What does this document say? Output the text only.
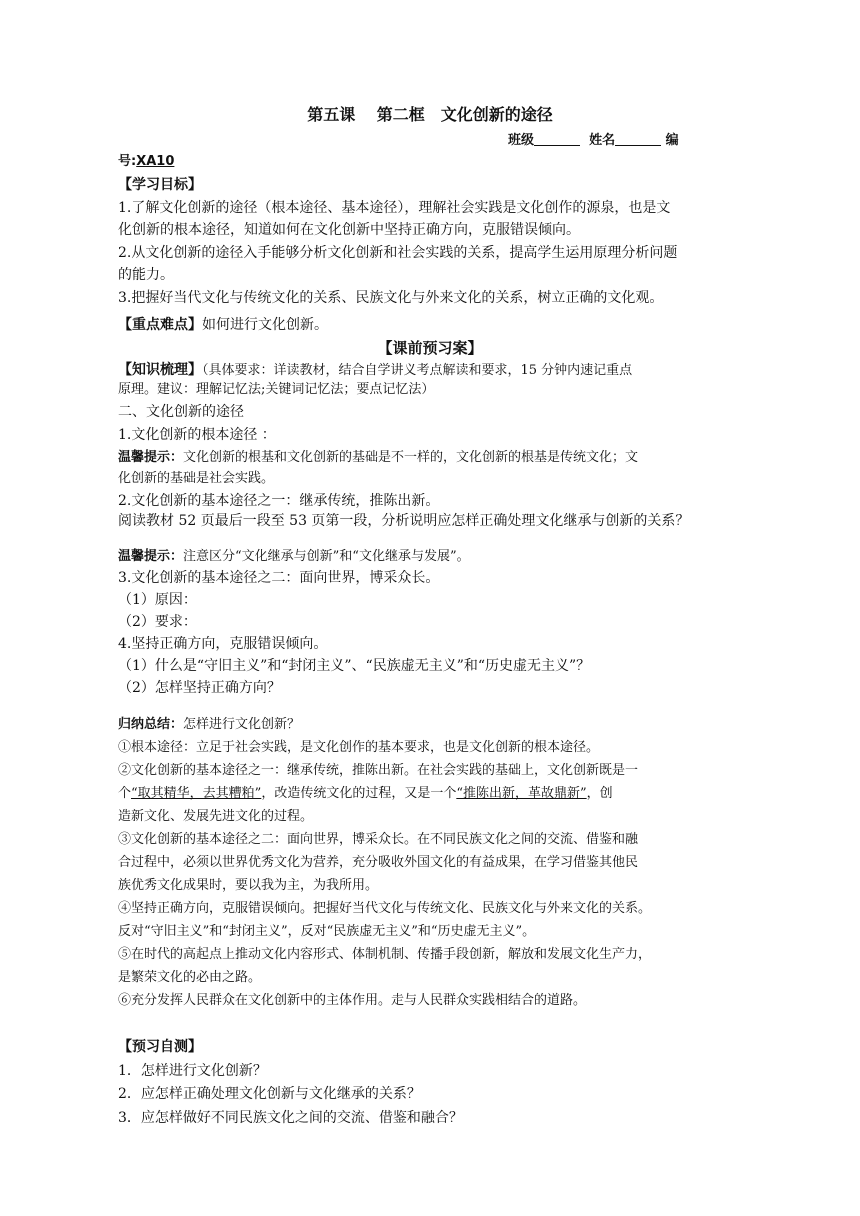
第五课　 第二框　文化创新的途径
班级	姓名	编
号:XA10
【学习目标】
1.了解文化创新的途径（根本途径、基本途径），理解社会实践是文化创作的源泉，也是文
化创新的根本途径，知道如何在文化创新中坚持正确方向，克服错误倾向。
2.从文化创新的途径入手能够分析文化创新和社会实践的关系，提高学生运用原理分析问题
的能力。
3.把握好当代文化与传统文化的关系、民族文化与外来文化的关系，树立正确的文化观。
【重点难点】如何进行文化创新。
【课前预习案】
【知识梳理】（具体要求：详读教材，结合自学讲义考点解读和要求，15 分钟内速记重点
原理。建议：理解记忆法;关键词记忆法；要点记忆法）
二、文化创新的途径
1.文化创新的根本途径 ：
温馨提示：文化创新的根基和文化创新的基础是不一样的，文化创新的根基是传统文化；文
化创新的基础是社会实践。
2.文化创新的基本途径之一：继承传统，推陈出新。
阅读教材 52 页最后一段至 53 页第一段，分析说明应怎样正确处理文化继承与创新的关系？
温馨提示：注意区分“文化继承与创新”和“文化继承与发展”。
3.文化创新的基本途径之二：面向世界，博采众长。
（1）原因：
（2）要求：
4.坚持正确方向，克服错误倾向。
（1）什么是“守旧主义”和“封闭主义”、“民族虚无主义”和“历史虚无主义”？
（2）怎样坚持正确方向？
归纳总结：怎样进行文化创新？
①根本途径：立足于社会实践，是文化创作的基本要求，也是文化创新的根本途径。
②文化创新的基本途径之一：继承传统，推陈出新。在社会实践的基础上，文化创新既是一
个“取其精华，去其糟粕”，改造传统文化的过程，又是一个“推陈出新，革故鼎新”，创
造新文化、发展先进文化的过程。
③文化创新的基本途径之二：面向世界，博采众长。在不同民族文化之间的交流、借鉴和融
合过程中，必须以世界优秀文化为营养，充分吸收外国文化的有益成果，在学习借鉴其他民
族优秀文化成果时，要以我为主，为我所用。
④坚持正确方向，克服错误倾向。把握好当代文化与传统文化、民族文化与外来文化的关系。
反对“守旧主义”和“封闭主义”，反对“民族虚无主义”和“历史虚无主义”。
⑤在时代的高起点上推动文化内容形式、体制机制、传播手段创新，解放和发展文化生产力，
是繁荣文化的必由之路。
⑥充分发挥人民群众在文化创新中的主体作用。走与人民群众实践相结合的道路。
【预习自测】
1．怎样进行文化创新？
2．应怎样正确处理文化创新与文化继承的关系？
3．应怎样做好不同民族文化之间的交流、借鉴和融合？
